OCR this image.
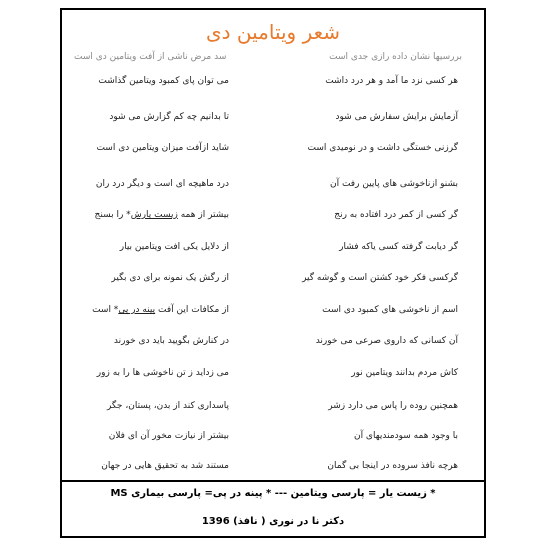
شعر ویتامین دی
بررسیها نشان داده رازی جدی است
سد مرض ناشی از آفت ویتامین دی است
هر کسی نزد ما آمد و هر درد داشت
می توان پای کمبود ویتامین گذاشت
آزمایش برایش سفارش می شود
تا بدانیم چه کم گزارش می شود
گرزنی خستگی داشت و در نومیدی است
شاید ازآفت میزان ویتامین دی است
بشنو ازناخوشی های پایین رفت آن
درد ماهیچه ای است و دیگر درد ران
گر کسی از کمر درد افتاده به رنج
بیشتر از همه زیست یارش* را بسنج
گر دیابت گرفته کسی یاکه فشار
از دلایل یکی افت ویتامین بیار
گرکسی فکر خود کشتن است و گوشه گیر
از رگش یک نمونه برای دی بگیر
اسم از ناخوشی های کمبود دی است
از مکافات این آفت پینه در پی* است
آن کسانی که داروی صرعی می خورند
در کنارش بگویید باید دی خورند
کاش مردم بدانند ویتامین نور
می زداید ز تن ناخوشی ها را به زور
همچنین روده را پاس می دارد زشر
پاسداری کند از بدن، پستان، جگر
با وجود همه سودمندیهای آن
بیشتر از نیازت مخور آن ای فلان
هرچه نافذ سروده در اینجا بی گمان
مستند شد به تحقیق هایی در جهان
* زیست یار = پارسی ویتامین --- * پینه در پی= پارسی بیماری MS
دکتر نا در نوری ( نافذ) 1396
